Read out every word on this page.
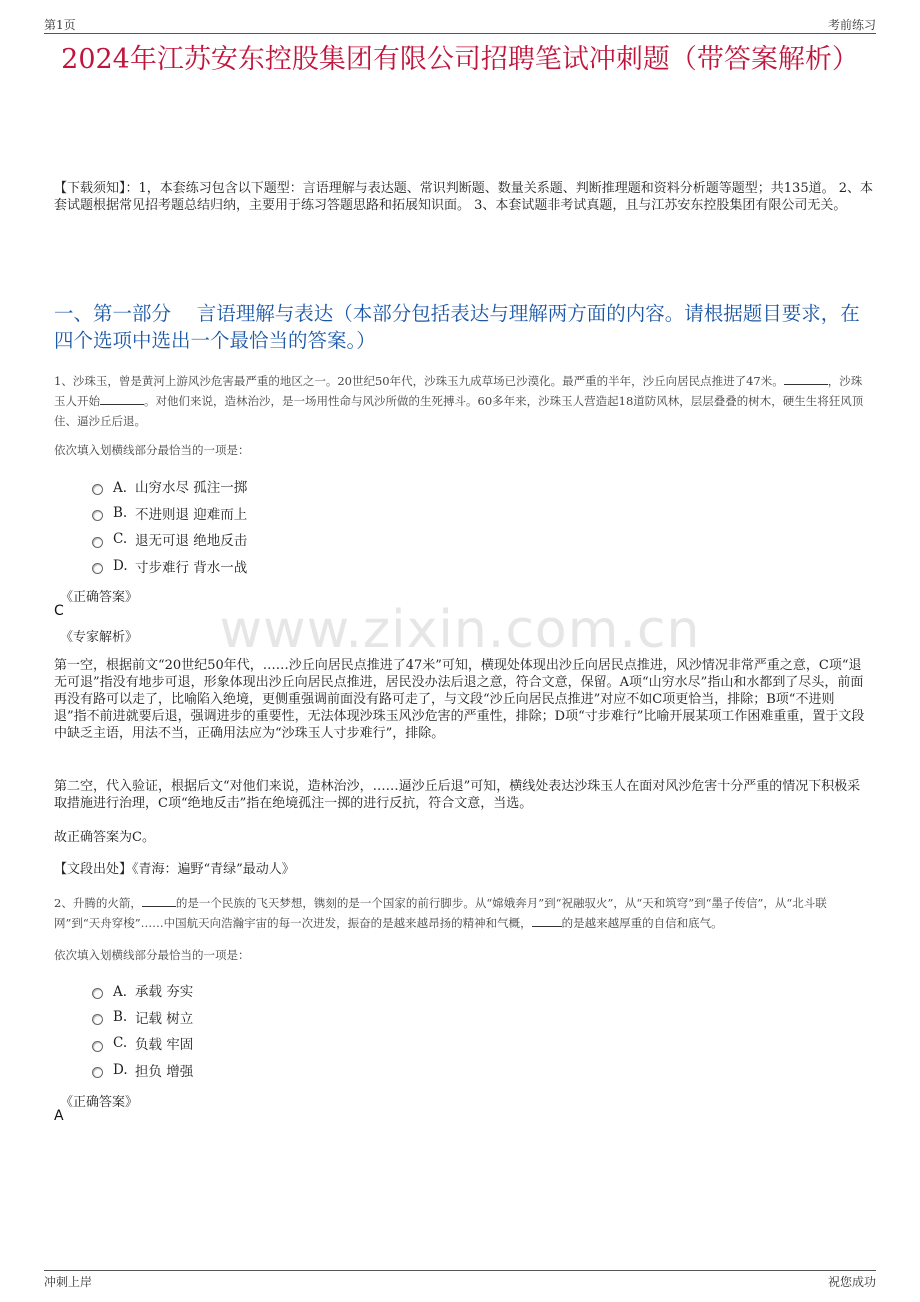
第1页	考前练习
www.zixin.com.cn
2024年江苏安东控股集团有限公司招聘笔试冲刺题（带答案解析）
【下载须知】：1，本套练习包含以下题型：言语理解与表达题、常识判断题、数量关系题、判断推理题和资料分析题等题型；共135道。 2、本套试题根据常见招考题总结归纳，主要用于练习答题思路和拓展知识面。 3、本套试题非考试真题，且与江苏安东控股集团有限公司无关。
一、第一部分　 言语理解与表达（本部分包括表达与理解两方面的内容。请根据题目要求，在四个选项中选出一个最恰当的答案。）
1、沙珠玉，曾是黄河上游风沙危害最严重的地区之一。20世纪50年代，沙珠玉九成草场已沙漠化。最严重的半年，沙丘向居民点推进了47米。	，沙珠玉人开始	。对他们来说，造林治沙，是一场用性命与风沙所做的生死搏斗。60多年来，沙珠玉人营造起18道防风林，层层叠叠的树木，硬生生将狂风顶住、逼沙丘后退。
依次填入划横线部分最恰当的一项是：
A．
山穷水尽 孤注一掷
B. 不进则退 迎难而上
C. 退无可退 绝地反击
D. 寸步难行 背水一战
《正确答案》
C
《专家解析》
第一空，根据前文“20世纪50年代，……沙丘向居民点推进了47米”可知，横现处体现出沙丘向居民点推进，风沙情况非常严重之意，C项“退无可退”指没有地步可退，形象体现出沙丘向居民点推进，居民没办法后退之意，符合文意，保留。A项“山穷水尽”指山和水都到了尽头，前面再没有路可以走了，比喻陷入绝境，更侧重强调前面没有路可走了，与文段“沙丘向居民点推进”对应不如C项更恰当，排除；B项“不进则退”指不前进就要后退，强调进步的重要性，无法体现沙珠玉风沙危害的严重性，排除；D项“寸步难行”比喻开展某项工作困难重重，置于文段中缺乏主语，用法不当，正确用法应为“沙珠玉人寸步难行”，排除。
第二空，代入验证，根据后文“对他们来说，造林治沙，……逼沙丘后退”可知，横线处表达沙珠玉人在面对风沙危害十分严重的情况下积极采取措施进行治理，C项“绝地反击”指在绝境孤注一掷的进行反抗，符合文意，当选。
故正确答案为C。
【文段出处】《青海：遍野“青绿”最动人》
2、升腾的火箭，	的是一个民族的飞天梦想，镌刻的是一个国家的前行脚步。从“嫦娥奔月”到“祝融驭火”，从“天和筑穹”到“墨子传信”，从“北斗联网”到“天舟穿梭”……中国航天向浩瀚宇宙的每一次进发，振奋的是越来越昂扬的精神和气概，	的是越来越厚重的自信和底气。
依次填入划横线部分最恰当的一项是：
A．
承载 夯实
B. 记载 树立
C. 负载 牢固
D. 担负 增强
《正确答案》
A
冲刺上岸	祝您成功
